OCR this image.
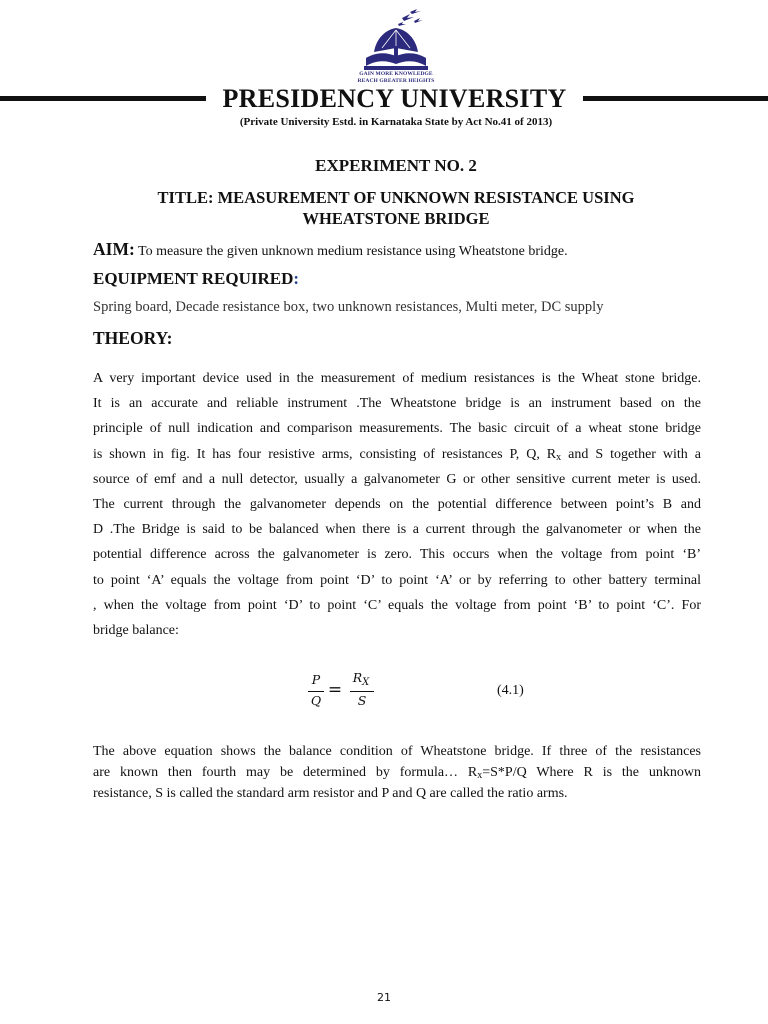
GAIN MORE KNOWLEDGE
REACH GREATER HEIGHTS
PRESIDENCY UNIVERSITY
(Private University Estd. in Karnataka State by Act No.41 of 2013)
EXPERIMENT NO. 2
TITLE: MEASUREMENT OF UNKNOWN RESISTANCE USING
WHEATSTONE BRIDGE
AIM: To measure the given unknown medium resistance using Wheatstone bridge.
EQUIPMENT REQUIRED:
Spring board, Decade resistance box, two unknown resistances, Multi meter, DC supply
THEORY:
A very important device used in the measurement of medium resistances is the Wheat stone bridge.
It is an accurate and reliable instrument .The Wheatstone bridge is an instrument based on the
principle of null indication and comparison measurements. The basic circuit of a wheat stone bridge
is shown in fig. It has four resistive arms, consisting of resistances P, Q, $R_x$ and S together with a
source of emf and a null detector, usually a galvanometer G or other sensitive current meter is used.
The current through the galvanometer depends on the potential difference between point’s B and
D .The Bridge is said to be balanced when there is a current through the galvanometer or when the
potential difference across the galvanometer is zero. This occurs when the voltage from point ‘B’
to point ‘A’ equals the voltage from point ‘D’ to point ‘A’ or by referring to other battery terminal
, when the voltage from point ‘D’ to point ‘C’ equals the voltage from point ‘B’ to point ‘C’. For
bridge balance:
P
Q
=
$R_X$
S
(4.1)
The above equation shows the balance condition of Wheatstone bridge. If three of the resistances
are known then fourth may be determined by formula… $R_x=S*P/Q$ Where R is the unknown
resistance, S is called the standard arm resistor and P and Q are called the ratio arms.
21
